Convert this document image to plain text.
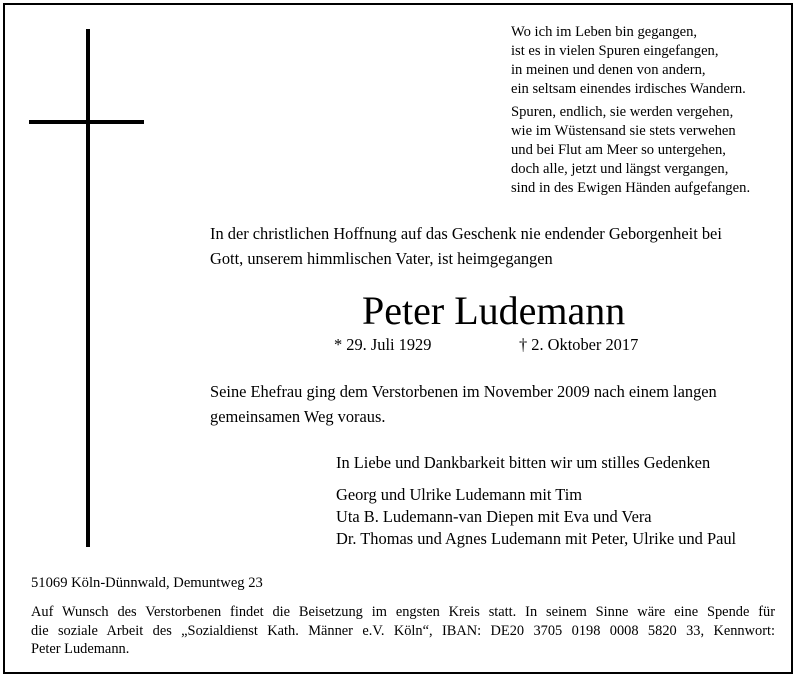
Wo ich im Leben bin gegangen,
ist es in vielen Spuren eingefangen,
in meinen und denen von andern,
ein seltsam einendes irdisches Wandern.
Spuren, endlich, sie werden vergehen,
wie im Wüstensand sie stets verwehen
und bei Flut am Meer so untergehen,
doch alle, jetzt und längst vergangen,
sind in des Ewigen Händen aufgefangen.
In der christlichen Hoffnung auf das Geschenk nie endender Geborgenheit bei
Gott, unserem himmlischen Vater, ist heimgegangen
Peter Ludemann
* 29. Juli 1929	† 2. Oktober 2017
Seine Ehefrau ging dem Verstorbenen im November 2009 nach einem langen
gemeinsamen Weg voraus.
In Liebe und Dankbarkeit bitten wir um stilles Gedenken
Georg und Ulrike Ludemann mit Tim
Uta B. Ludemann-van Diepen mit Eva und Vera
Dr. Thomas und Agnes Ludemann mit Peter, Ulrike und Paul
51069 Köln-Dünnwald, Demuntweg 23
Auf Wunsch des Verstorbenen findet die Beisetzung im engsten Kreis statt. In seinem Sinne wäre eine Spende für
die soziale Arbeit des „Sozialdienst Kath. Männer e.V. Köln“, IBAN: DE20 3705 0198 0008 5820 33, Kennwort:
Peter Ludemann.
